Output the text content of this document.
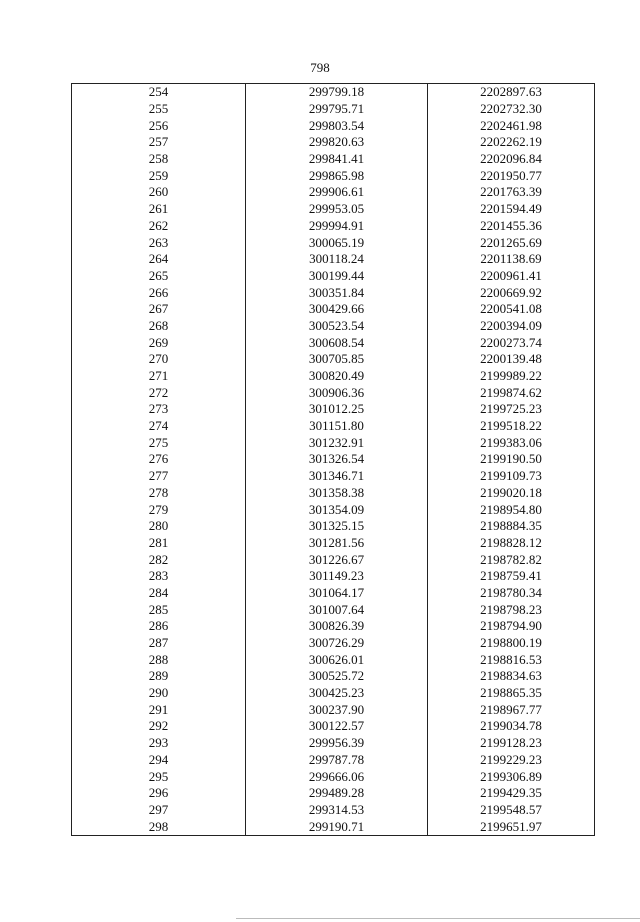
798
254	299799.18	2202897.63
255	299795.71	2202732.30
256	299803.54	2202461.98
257	299820.63	2202262.19
258	299841.41	2202096.84
259	299865.98	2201950.77
260	299906.61	2201763.39
261	299953.05	2201594.49
262	299994.91	2201455.36
263	300065.19	2201265.69
264	300118.24	2201138.69
265	300199.44	2200961.41
266	300351.84	2200669.92
267	300429.66	2200541.08
268	300523.54	2200394.09
269	300608.54	2200273.74
270	300705.85	2200139.48
271	300820.49	2199989.22
272	300906.36	2199874.62
273	301012.25	2199725.23
274	301151.80	2199518.22
275	301232.91	2199383.06
276	301326.54	2199190.50
277	301346.71	2199109.73
278	301358.38	2199020.18
279	301354.09	2198954.80
280	301325.15	2198884.35
281	301281.56	2198828.12
282	301226.67	2198782.82
283	301149.23	2198759.41
284	301064.17	2198780.34
285	301007.64	2198798.23
286	300826.39	2198794.90
287	300726.29	2198800.19
288	300626.01	2198816.53
289	300525.72	2198834.63
290	300425.23	2198865.35
291	300237.90	2198967.77
292	300122.57	2199034.78
293	299956.39	2199128.23
294	299787.78	2199229.23
295	299666.06	2199306.89
296	299489.28	2199429.35
297	299314.53	2199548.57
298	299190.71	2199651.97
